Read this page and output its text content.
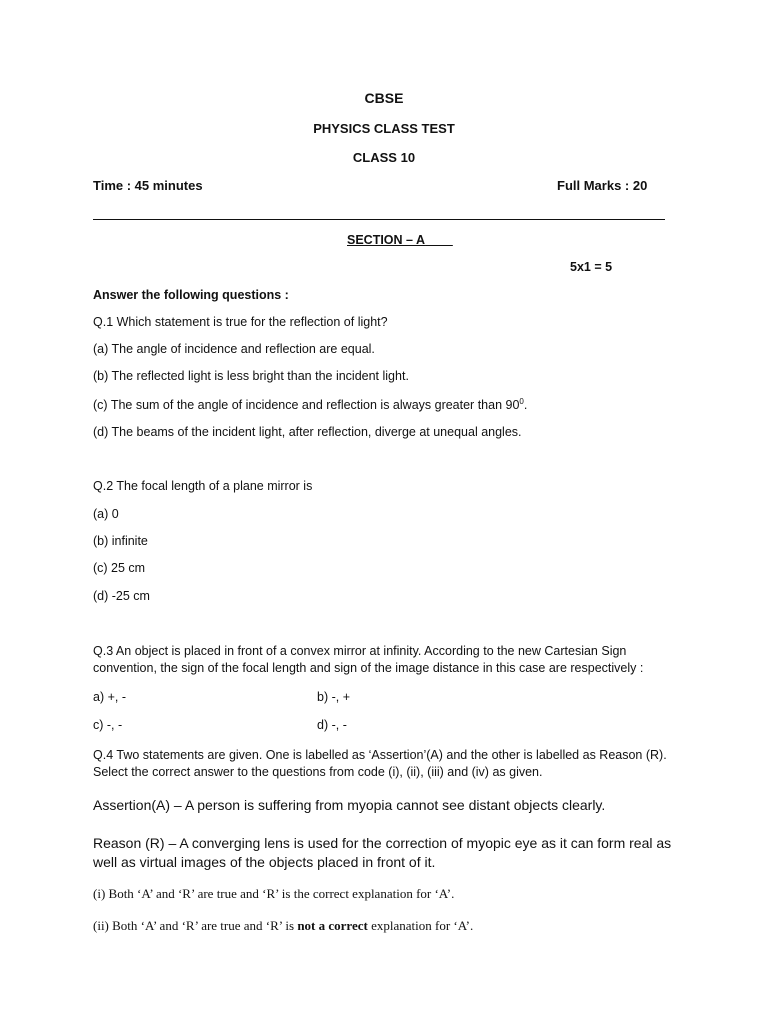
CBSE
PHYSICS CLASS TEST
CLASS 10
Time : 45 minutes	Full Marks : 20
SECTION – A
5x1 = 5
Answer the following questions :
Q.1 Which statement is true for the reflection of light?
(a) The angle of incidence and reflection are equal.
(b) The reflected light is less bright than the incident light.
(c) The sum of the angle of incidence and reflection is always greater than $90^0$.
(d) The beams of the incident light, after reflection, diverge at unequal angles.
Q.2 The focal length of a plane mirror is
(a) 0
(b) infinite
(c) 25 cm
(d) -25 cm
Q.3 An object is placed in front of a convex mirror at infinity. According to the new Cartesian Sign convention, the sign of the focal length and sign of the image distance in this case are respectively :
a) +, -	b) -, +
c) -, -	d) -, -
Q.4 Two statements are given. One is labelled as ‘Assertion’(A) and the other is labelled as Reason (R). Select the correct answer to the questions from code (i), (ii), (iii) and (iv) as given.
Assertion(A) – A person is suffering from myopia cannot see distant objects clearly.
Reason (R) – A converging lens is used for the correction of myopic eye as it can form real as well as virtual images of the objects placed in front of it.
(i) Both ‘A’ and ‘R’ are true and ‘R’ is the correct explanation for ‘A’.
(ii) Both ‘A’ and ‘R’ are true and ‘R’ is not a correct explanation for ‘A’.
